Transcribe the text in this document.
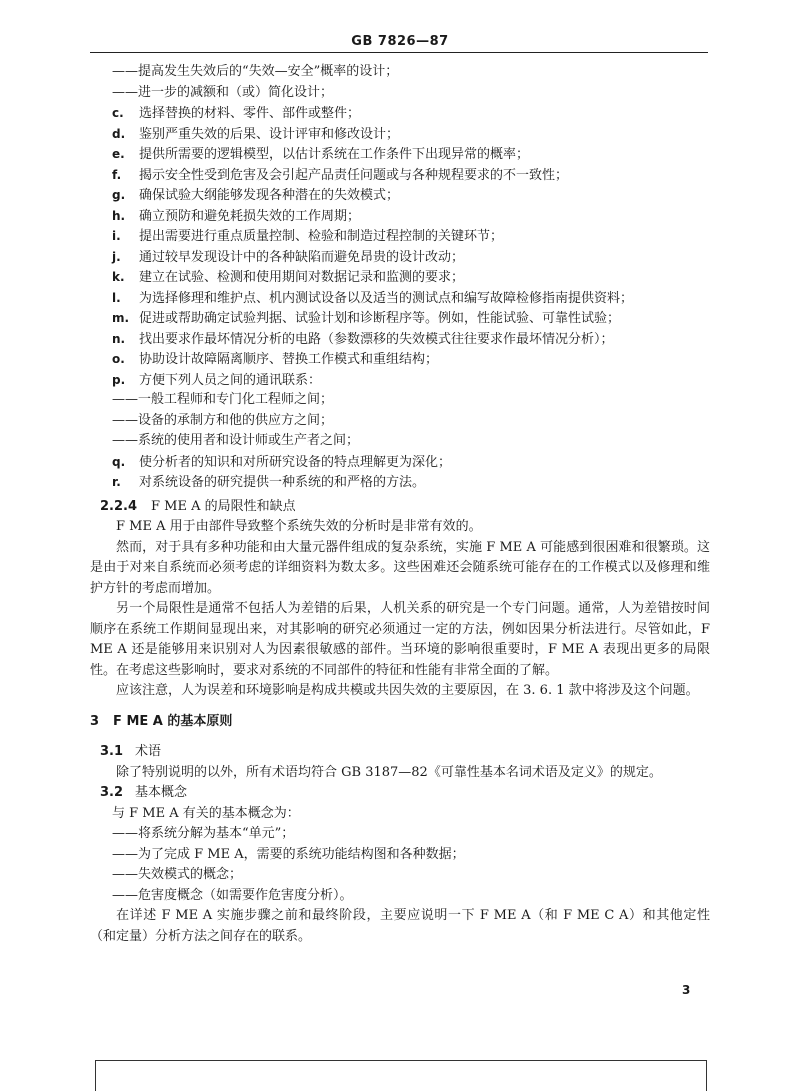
GB 7826—87
——提高发生失效后的“失效—安全”概率的设计；
——进一步的减额和（或）简化设计；
c. 选择替换的材料、零件、部件或整件；
d. 鉴别严重失效的后果、设计评审和修改设计；
e. 提供所需要的逻辑模型，以估计系统在工作条件下出现异常的概率；
f. 揭示安全性受到危害及会引起产品责任问题或与各种规程要求的不一致性；
g. 确保试验大纲能够发现各种潜在的失效模式；
h. 确立预防和避免耗损失效的工作周期；
i. 提出需要进行重点质量控制、检验和制造过程控制的关键环节；
j. 通过较早发现设计中的各种缺陷而避免昂贵的设计改动；
k. 建立在试验、检测和使用期间对数据记录和监测的要求；
l. 为选择修理和维护点、机内测试设备以及适当的测试点和编写故障检修指南提供资料；
m. 促进或帮助确定试验判据、试验计划和诊断程序等。例如，性能试验、可靠性试验；
n. 找出要求作最坏情况分析的电路（参数漂移的失效模式往往要求作最坏情况分析）；
o. 协助设计故障隔离顺序、替换工作模式和重组结构；
p. 方便下列人员之间的通讯联系：
——一般工程师和专门化工程师之间；
——设备的承制方和他的供应方之间；
——系统的使用者和设计师或生产者之间；
q. 使分析者的知识和对所研究设备的特点理解更为深化；
r. 对系统设备的研究提供一种系统的和严格的方法。
2.2.4 F ME A 的局限性和缺点
F ME A 用于由部件导致整个系统失效的分析时是非常有效的。
然而，对于具有多种功能和由大量元器件组成的复杂系统，实施 F ME A 可能感到很困难和很繁琐。这是由于对来自系统而必须考虑的详细资料为数太多。这些困难还会随系统可能存在的工作模式以及修理和维护方针的考虑而增加。
另一个局限性是通常不包括人为差错的后果，人机关系的研究是一个专门问题。通常，人为差错按时间顺序在系统工作期间显现出来，对其影响的研究必须通过一定的方法，例如因果分析法进行。尽管如此，F ME A 还是能够用来识别对人为因素很敏感的部件。当环境的影响很重要时，F ME A 表现出更多的局限性。在考虑这些影响时，要求对系统的不同部件的特征和性能有非常全面的了解。
应该注意，人为误差和环境影响是构成共模或共因失效的主要原因，在 3. 6. 1 款中将涉及这个问题。
3 F ME A 的基本原则
3.1 术语
除了特别说明的以外，所有术语均符合 GB 3187—82《可靠性基本名词术语及定义》的规定。
3.2 基本概念
与 F ME A 有关的基本概念为：
——将系统分解为基本“单元”；
——为了完成 F ME A，需要的系统功能结构图和各种数据；
——失效模式的概念；
——危害度概念（如需要作危害度分析）。
在详述 F ME A 实施步骤之前和最终阶段，主要应说明一下 F ME A（和 F ME C A）和其他定性（和定量）分析方法之间存在的联系。
3
